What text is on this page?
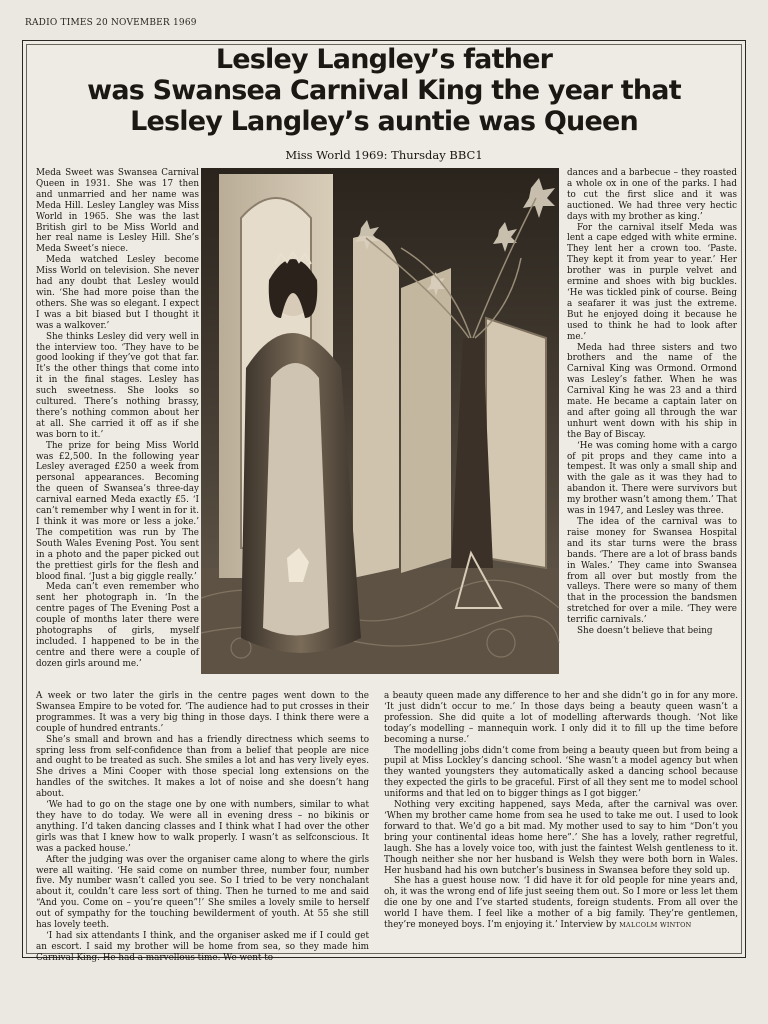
RADIO TIMES 20 NOVEMBER 1969
Lesley Langley’s father
was Swansea Carnival King the year that
Lesley Langley’s auntie was Queen
Miss World 1969: Thursday BBC1

Meda Sweet was Swansea Carnival Queen in 1931. She was 17 then and unmarried and her name was Meda Hill. Lesley Langley was Miss World in 1965. She was the last British girl to be Miss World and her real name is Lesley Hill. She’s Meda Sweet’s niece.

Meda watched Lesley become Miss World on television. She never had any doubt that Lesley would win. ‘She had more poise than the others. She was so elegant. I expect I was a bit biased but I thought it was a walkover.’

She thinks Lesley did very well in the interview too. ‘They have to be good looking if they’ve got that far. It’s the other things that come into it in the final stages. Lesley has such sweetness. She looks so cultured. There’s nothing brassy, there’s nothing common about her at all. She carried it off as if she was born to it.’

The prize for being Miss World was £2,500. In the following year Lesley averaged £250 a week from personal appearances. Becoming the queen of Swansea’s three-day carnival earned Meda exactly £5. ‘I can’t remember why I went in for it. I think it was more or less a joke.’ The competition was run by The South Wales Evening Post. You sent in a photo and the paper picked out the prettiest girls for the flesh and blood final. ‘Just a big giggle really.’

Meda can’t even remember who sent her photograph in. ‘In the centre pages of The Evening Post a couple of months later there were photographs of girls, myself included. I happened to be in the centre and there were a couple of dozen girls around me.’

dances and a barbecue – they roasted a whole ox in one of the parks. I had to cut the first slice and it was auctioned. We had three very hectic days with my brother as king.’

For the carnival itself Meda was lent a cape edged with white ermine. They lent her a crown too. ‘Paste. They kept it from year to year.’ Her brother was in purple velvet and ermine and shoes with big buckles. ‘He was tickled pink of course. Being a seafarer it was just the extreme. But he enjoyed doing it because he used to think he had to look after me.’

Meda had three sisters and two brothers and the name of the Carnival King was Ormond. Ormond was Lesley’s father. When he was Carnival King he was 23 and a third mate. He became a captain later on and after going all through the war unhurt went down with his ship in the Bay of Biscay.

‘He was coming home with a cargo of pit props and they came into a tempest. It was only a small ship and with the gale as it was they had to abandon it. There were survivors but my brother wasn’t among them.’ That was in 1947, and Lesley was three.

The idea of the carnival was to raise money for Swansea Hospital and its star turns were the brass bands. ‘There are a lot of brass bands in Wales.’ They came into Swansea from all over but mostly from the valleys. There were so many of them that in the procession the bandsmen stretched for over a mile. ‘They were terrific carnivals.’

She doesn’t believe that being

A week or two later the girls in the centre pages went down to the Swansea Empire to be voted for. ‘The audience had to put crosses in their programmes. It was a very big thing in those days. I think there were a couple of hundred entrants.’

She’s small and brown and has a friendly directness which seems to spring less from self-confidence than from a belief that people are nice and ought to be treated as such. She smiles a lot and has very lively eyes. She drives a Mini Cooper with those special long extensions on the handles of the switches. It makes a lot of noise and she doesn’t hang about.

‘We had to go on the stage one by one with numbers, similar to what they have to do today. We were all in evening dress – no bikinis or anything. I’d taken dancing classes and I think what I had over the other girls was that I knew how to walk properly. I wasn’t as selfconscious. It was a packed house.’

After the judging was over the organiser came along to where the girls were all waiting. ‘He said come on number three, number four, number five. My number wasn’t called you see. So I tried to be very nonchalant about it, couldn’t care less sort of thing. Then he turned to me and said “And you. Come on – you’re queen”!’ She smiles a lovely smile to herself out of sympathy for the touching bewilderment of youth. At 55 she still has lovely teeth.

‘I had six attendants I think, and the organiser asked me if I could get an escort. I said my brother will be home from sea, so they made him Carnival King. He had a marvellous time. We went to

a beauty queen made any difference to her and she didn’t go in for any more. ‘It just didn’t occur to me.’ In those days being a beauty queen wasn’t a profession. She did quite a lot of modelling afterwards though. ‘Not like today’s modelling – mannequin work. I only did it to fill up the time before becoming a nurse.’

The modelling jobs didn’t come from being a beauty queen but from being a pupil at Miss Lockley’s dancing school. ‘She wasn’t a model agency but when they wanted youngsters they automatically asked a dancing school because they expected the girls to be graceful. First of all they sent me to model school uniforms and that led on to bigger things as I got bigger.’

Nothing very exciting happened, says Meda, after the carnival was over. ‘When my brother came home from sea he used to take me out. I used to look forward to that. We’d go a bit mad. My mother used to say to him “Don’t you bring your continental ideas home here”.’ She has a lovely, rather regretful, laugh. She has a lovely voice too, with just the faintest Welsh gentleness to it. Though neither she nor her husband is Welsh they were both born in Wales. Her husband had his own butcher’s business in Swansea before they sold up.

She has a guest house now. ‘I did have it for old people for nine years and, oh, it was the wrong end of life just seeing them out. So I more or less let them die one by one and I’ve started students, foreign students. From all over the world I have them. I feel like a mother of a big family. They’re gentlemen, they’re moneyed boys. I’m enjoying it.’ Interview by MALCOLM WINTON
